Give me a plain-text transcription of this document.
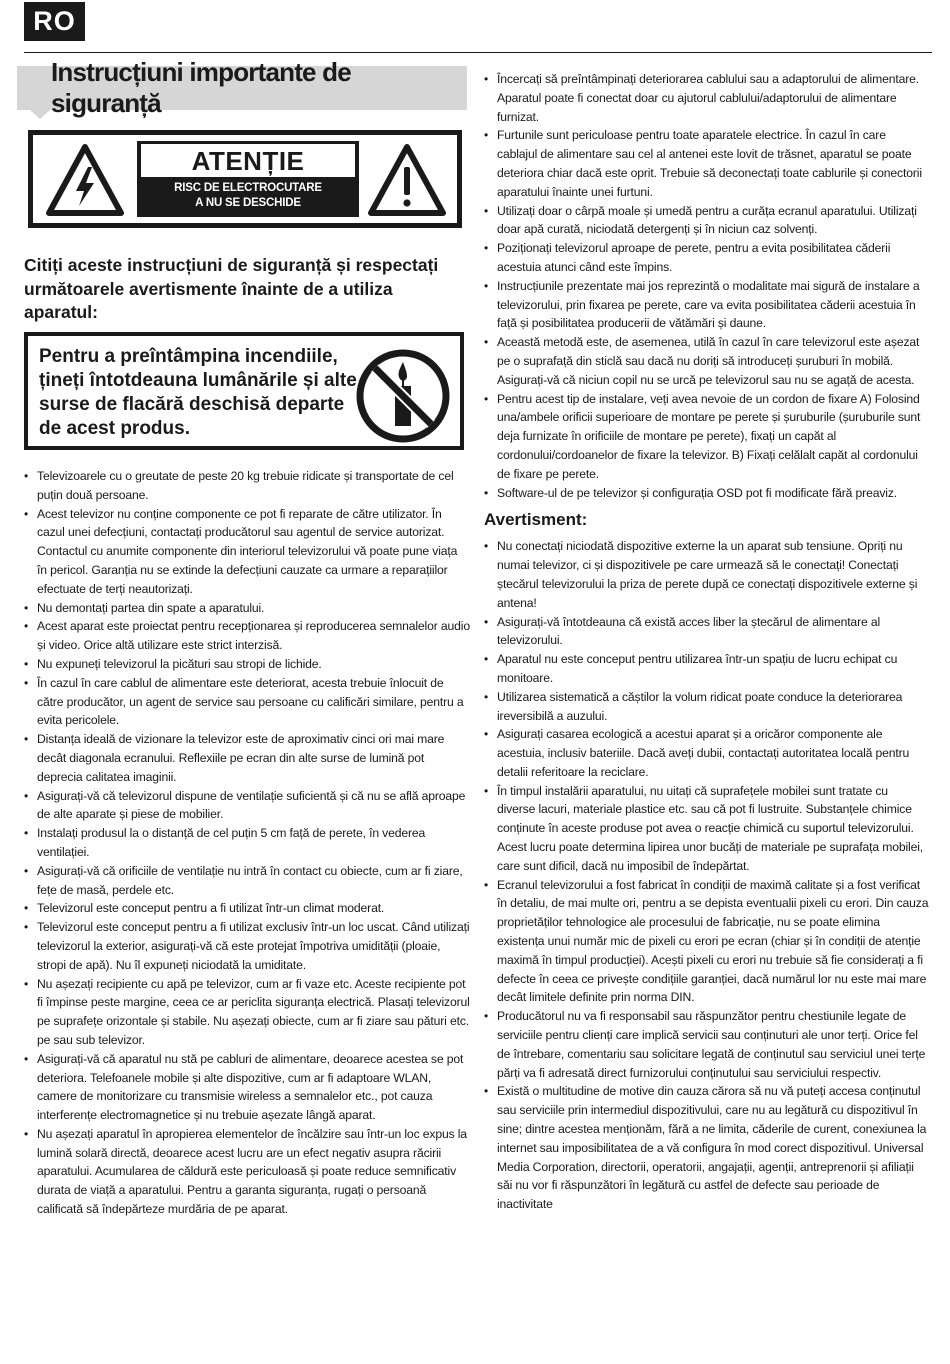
RO
Instrucțiuni importante de siguranță
ATENȚIE
RISC DE ELECTROCUTARE
A NU SE DESCHIDE
Citiți aceste instrucțiuni de siguranță și respectați următoarele avertismente înainte de a utiliza aparatul:
Pentru a preîntâmpina incendiile, țineți întotdeauna lumânările și alte surse de flacără deschisă departe de acest produs.
• Televizoarele cu o greutate de peste 20 kg trebuie ridicate și transportate de cel puțin două persoane.
• Acest televizor nu conține componente ce pot fi reparate de către utilizator. În cazul unei defecțiuni, contactați producătorul sau agentul de service autorizat. Contactul cu anumite componente din interiorul televizorului vă poate pune viața în pericol. Garanția nu se extinde la defecțiuni cauzate ca urmare a reparațiilor efectuate de terți neautorizați.
• Nu demontați partea din spate a aparatului.
• Acest aparat este proiectat pentru recepționarea și reproducerea semnalelor audio și video. Orice altă utilizare este strict interzisă.
• Nu expuneți televizorul la picături sau stropi de lichide.
• În cazul în care cablul de alimentare este deteriorat, acesta trebuie înlocuit de către producător, un agent de service sau persoane cu calificări similare, pentru a evita pericolele.
• Distanța ideală de vizionare la televizor este de aproximativ cinci ori mai mare decât diagonala ecranului. Reflexiile pe ecran din alte surse de lumină pot deprecia calitatea imaginii.
• Asigurați-vă că televizorul dispune de ventilație suficientă și că nu se află aproape de alte aparate și piese de mobilier.
• Instalați produsul la o distanță de cel puțin 5 cm față de perete, în vederea ventilației.
• Asigurați-vă că orificiile de ventilație nu intră în contact cu obiecte, cum ar fi ziare, fețe de masă, perdele etc.
• Televizorul este conceput pentru a fi utilizat într-un climat moderat.
• Televizorul este conceput pentru a fi utilizat exclusiv într-un loc uscat. Când utilizați televizorul la exterior, asigurați-vă că este protejat împotriva umidității (ploaie, stropi de apă). Nu îl expuneți niciodată la umiditate.
• Nu așezați recipiente cu apă pe televizor, cum ar fi vaze etc. Aceste recipiente pot fi împinse peste margine, ceea ce ar periclita siguranța electrică. Plasați televizorul pe suprafețe orizontale și stabile. Nu așezați obiecte, cum ar fi ziare sau pături etc. pe sau sub televizor.
• Asigurați-vă că aparatul nu stă pe cabluri de alimentare, deoarece acestea se pot deteriora. Telefoanele mobile și alte dispozitive, cum ar fi adaptoare WLAN, camere de monitorizare cu transmisie wireless a semnalelor etc., pot cauza interferențe electromagnetice și nu trebuie așezate lângă aparat.
• Nu așezați aparatul în apropierea elementelor de încălzire sau într-un loc expus la lumină solară directă, deoarece acest lucru are un efect negativ asupra răcirii aparatului. Acumularea de căldură este periculoasă și poate reduce semnificativ durata de viață a aparatului. Pentru a garanta siguranța, rugați o persoană calificată să îndepărteze murdăria de pe aparat.
• Încercați să preîntâmpinați deteriorarea cablului sau a adaptorului de alimentare. Aparatul poate fi conectat doar cu ajutorul cablului/adaptorului de alimentare furnizat.
• Furtunile sunt periculoase pentru toate aparatele electrice. În cazul în care cablajul de alimentare sau cel al antenei este lovit de trăsnet, aparatul se poate deteriora chiar dacă este oprit. Trebuie să deconectați toate cablurile și conectorii aparatului înainte unei furtuni.
• Utilizați doar o cârpă moale și umedă pentru a curăța ecranul aparatului. Utilizați doar apă curată, niciodată detergenți și în niciun caz solvenți.
• Poziționați televizorul aproape de perete, pentru a evita posibilitatea căderii acestuia atunci când este împins.
• Instrucțiunile prezentate mai jos reprezintă o modalitate mai sigură de instalare a televizorului, prin fixarea pe perete, care va evita posibilitatea căderii acestuia în față și posibilitatea producerii de vătămări și daune.
• Această metodă este, de asemenea, utilă în cazul în care televizorul este așezat pe o suprafață din sticlă sau dacă nu doriți să introduceți șuruburi în mobilă. Asigurați-vă că niciun copil nu se urcă pe televizorul sau nu se agață de acesta.
• Pentru acest tip de instalare, veți avea nevoie de un cordon de fixare A) Folosind una/ambele orificii superioare de montare pe perete și șuruburile (șuruburile sunt deja furnizate în orificiile de montare pe perete), fixați un capăt al cordonului/cordoanelor de fixare la televizor. B) Fixați celălalt capăt al cordonului de fixare pe perete.
• Software-ul de pe televizor și configurația OSD pot fi modificate fără preaviz.
Avertisment:
• Nu conectați niciodată dispozitive externe la un aparat sub tensiune. Opriți nu numai televizor, ci și dispozitivele pe care urmează să le conectați! Conectați ștecărul televizorului la priza de perete după ce conectați dispozitivele externe și antena!
• Asigurați-vă întotdeauna că există acces liber la ștecărul de alimentare al televizorului.
• Aparatul nu este conceput pentru utilizarea într-un spațiu de lucru echipat cu monitoare.
• Utilizarea sistematică a căștilor la volum ridicat poate conduce la deteriorarea ireversibilă a auzului.
• Asigurați casarea ecologică a acestui aparat și a oricăror componente ale acestuia, inclusiv bateriile. Dacă aveți dubii, contactați autoritatea locală pentru detalii referitoare la reciclare.
• În timpul instalării aparatului, nu uitați că suprafețele mobilei sunt tratate cu diverse lacuri, materiale plastice etc. sau că pot fi lustruite. Substanțele chimice conținute în aceste produse pot avea o reacție chimică cu suportul televizorului. Acest lucru poate determina lipirea unor bucăți de materiale pe suprafața mobilei, care sunt dificil, dacă nu imposibil de îndepărtat.
• Ecranul televizorului a fost fabricat în condiții de maximă calitate și a fost verificat în detaliu, de mai multe ori, pentru a se depista eventualii pixeli cu erori. Din cauza proprietăților tehnologice ale procesului de fabricație, nu se poate elimina existența unui număr mic de pixeli cu erori pe ecran (chiar și în condiții de atenție maximă în timpul producției). Acești pixeli cu erori nu trebuie să fie considerați a fi defecte în ceea ce privește condițiile garanției, dacă numărul lor nu este mai mare decât limitele definite prin norma DIN.
• Producătorul nu va fi responsabil sau răspunzător pentru chestiunile legate de serviciile pentru clienți care implică servicii sau conținuturi ale unor terți. Orice fel de întrebare, comentariu sau solicitare legată de conținutul sau serviciul unei terțe părți va fi adresată direct furnizorului conținutului sau serviciului respectiv.
• Există o multitudine de motive din cauza cărora să nu vă puteți accesa conținutul sau serviciile prin intermediul dispozitivului, care nu au legătură cu dispozitivul în sine; dintre acestea menționăm, fără a ne limita, căderile de curent, conexiunea la internet sau imposibilitatea de a vă configura în mod corect dispozitivul. Universal Media Corporation, directorii, operatorii, angajații, agenții, antreprenorii și afiliații săi nu vor fi răspunzători în legătură cu astfel de defecte sau perioade de inactivitate
